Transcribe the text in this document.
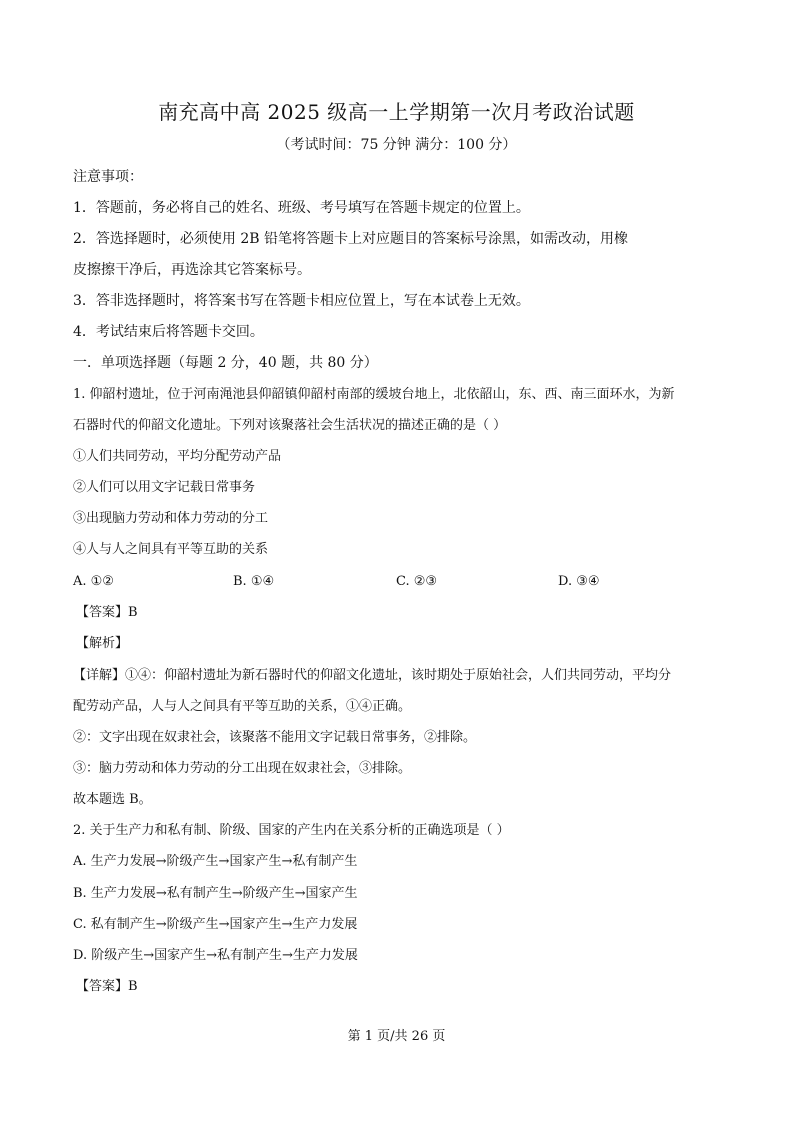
南充高中高 2025 级高一上学期第一次月考政治试题
（考试时间：75 分钟 满分：100 分）
注意事项：
1．答题前，务必将自己的姓名、班级、考号填写在答题卡规定的位置上。
2．答选择题时，必须使用 2B 铅笔将答题卡上对应题目的答案标号涂黑，如需改动，用橡
皮擦擦干净后，再选涂其它答案标号。
3．答非选择题时，将答案书写在答题卡相应位置上，写在本试卷上无效。
4．考试结束后将答题卡交回。
一．单项选择题（每题 2 分，40 题，共 80 分）
1. 仰韶村遗址，位于河南渑池县仰韶镇仰韶村南部的缓坡台地上，北依韶山，东、西、南三面环水，为新
石器时代的仰韶文化遗址。下列对该聚落社会生活状况的描述正确的是（ ）
①人们共同劳动，平均分配劳动产品
②人们可以用文字记载日常事务
③出现脑力劳动和体力劳动的分工
④人与人之间具有平等互助的关系
A. ①②	B. ①④	C. ②③	D. ③④
【答案】B
【解析】
【详解】①④：仰韶村遗址为新石器时代的仰韶文化遗址，该时期处于原始社会，人们共同劳动，平均分
配劳动产品，人与人之间具有平等互助的关系，①④正确。
②：文字出现在奴隶社会，该聚落不能用文字记载日常事务，②排除。
③：脑力劳动和体力劳动的分工出现在奴隶社会，③排除。
故本题选 B。
2. 关于生产力和私有制、阶级、国家的产生内在关系分析的正确选项是（ ）
A. 生产力发展→阶级产生→国家产生→私有制产生
B. 生产力发展→私有制产生→阶级产生→国家产生
C. 私有制产生→阶级产生→国家产生→生产力发展
D. 阶级产生→国家产生→私有制产生→生产力发展
【答案】B
第 1 页/共 26 页
